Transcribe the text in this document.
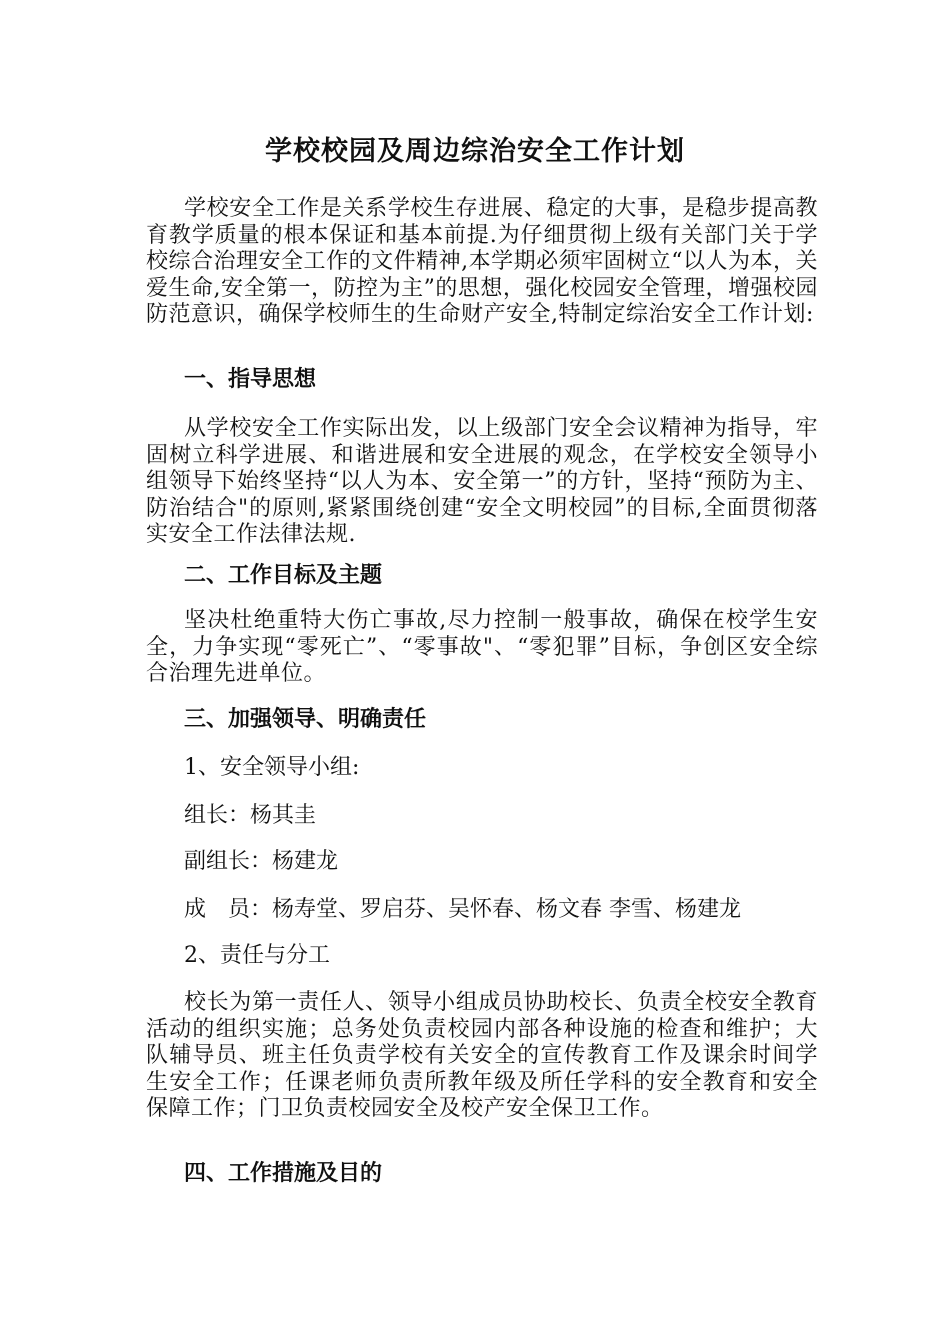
学校校园及周边综治安全工作计划

学校安全工作是关系学校生存进展、稳定的大事，是稳步提高教育教学质量的根本保证和基本前提.为仔细贯彻上级有关部门关于学校综合治理安全工作的文件精神,本学期必须牢固树立“以人为本，关爱生命,安全第一，防控为主”的思想，强化校园安全管理，增强校园防范意识，确保学校师生的生命财产安全,特制定综治安全工作计划:

一、指导思想

从学校安全工作实际出发，以上级部门安全会议精神为指导，牢固树立科学进展、和谐进展和安全进展的观念，在学校安全领导小组领导下始终坚持“以人为本、安全第一”的方针，坚持“预防为主、防治结合"的原则,紧紧围绕创建“安全文明校园”的目标,全面贯彻落实安全工作法律法规.

二、工作目标及主题

坚决杜绝重特大伤亡事故,尽力控制一般事故，确保在校学生安全，力争实现“零死亡”、“零事故"、“零犯罪”目标，争创区安全综合治理先进单位。

三、加强领导、明确责任

1、安全领导小组:

组长：杨其圭

副组长：杨建龙

成　员：杨寿堂、罗启芬、吴怀春、杨文春 李雪、杨建龙

2、责任与分工

校长为第一责任人、领导小组成员协助校长、负责全校安全教育活动的组织实施；总务处负责校园内部各种设施的检查和维护；大队辅导员、班主任负责学校有关安全的宣传教育工作及课余时间学生安全工作；任课老师负责所教年级及所任学科的安全教育和安全保障工作；门卫负责校园安全及校产安全保卫工作。

四、工作措施及目的
